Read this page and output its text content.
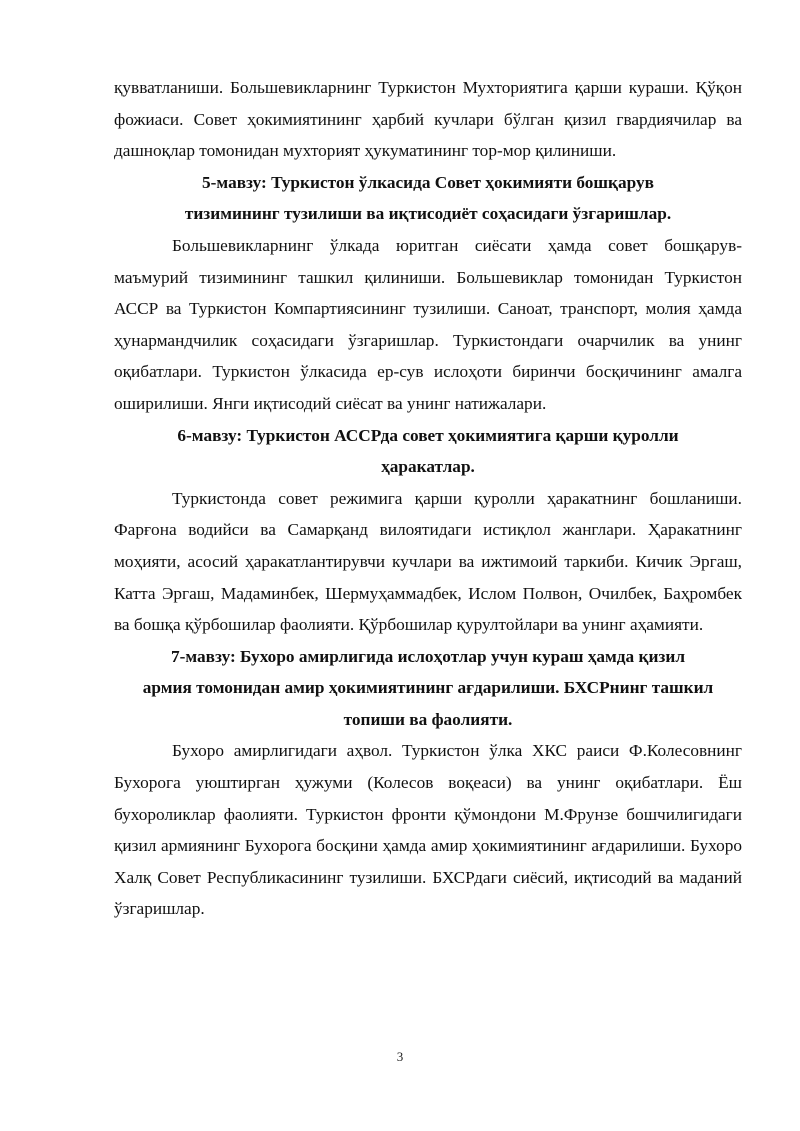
қувватланиши. Большевикларнинг Туркистон Мухториятига қарши кураши. Қўқон фожиаси. Совет ҳокимиятининг ҳарбий кучлари бўлган қизил гвардиячилар ва дашноқлар томонидан мухторият ҳукуматининг тор-мор қилиниши.

5-мавзу: Туркистон ўлкасида Совет ҳокимияти бошқарув
тизимининг тузилиши ва иқтисодиёт соҳасидаги ўзгаришлар.

Большевикларнинг ўлкада юритган сиёсати ҳамда совет бошқарув-маъмурий тизимининг ташкил қилиниши. Большевиклар томонидан Туркистон АССР ва Туркистон Компартиясининг тузилиши. Саноат, транспорт, молия ҳамда ҳунармандчилик соҳасидаги ўзгаришлар. Туркистондаги очарчилик ва унинг оқибатлари. Туркистон ўлкасида ер-сув ислоҳоти биринчи босқичининг амалга оширилиши. Янги иқтисодий сиёсат ва унинг натижалари.

6-мавзу: Туркистон АССРда совет ҳокимиятига қарши қуролли
ҳаракатлар.

Туркистонда совет режимига қарши қуролли ҳаракатнинг бошланиши. Фарғона водийси ва Самарқанд вилоятидаги истиқлол жанглари. Ҳаракатнинг моҳияти, асосий ҳаракатлантирувчи кучлари ва ижтимоий таркиби. Кичик Эргаш, Катта Эргаш, Мадаминбек, Шермуҳаммадбек, Ислом Полвон, Очилбек, Баҳромбек ва бошқа қўрбошилар фаолияти. Қўрбошилар қурултойлари ва унинг аҳамияти.

7-мавзу: Бухоро амирлигида ислоҳотлар учун кураш ҳамда қизил
армия томонидан амир ҳокимиятининг ағдарилиши. БХСРнинг ташкил
топиши ва фаолияти.

Бухоро амирлигидаги аҳвол. Туркистон ўлка ХКС раиси Ф.Колесовнинг Бухорога уюштирган ҳужуми (Колесов воқеаси) ва унинг оқибатлари. Ёш бухороликлар фаолияти. Туркистон фронти қўмондони М.Фрунзе бошчилигидаги қизил армиянинг Бухорога босқини ҳамда амир ҳокимиятининг ағдарилиши. Бухоро Халқ Совет Республикасининг тузилиши. БХСРдаги сиёсий, иқтисодий ва маданий ўзгаришлар.

3
